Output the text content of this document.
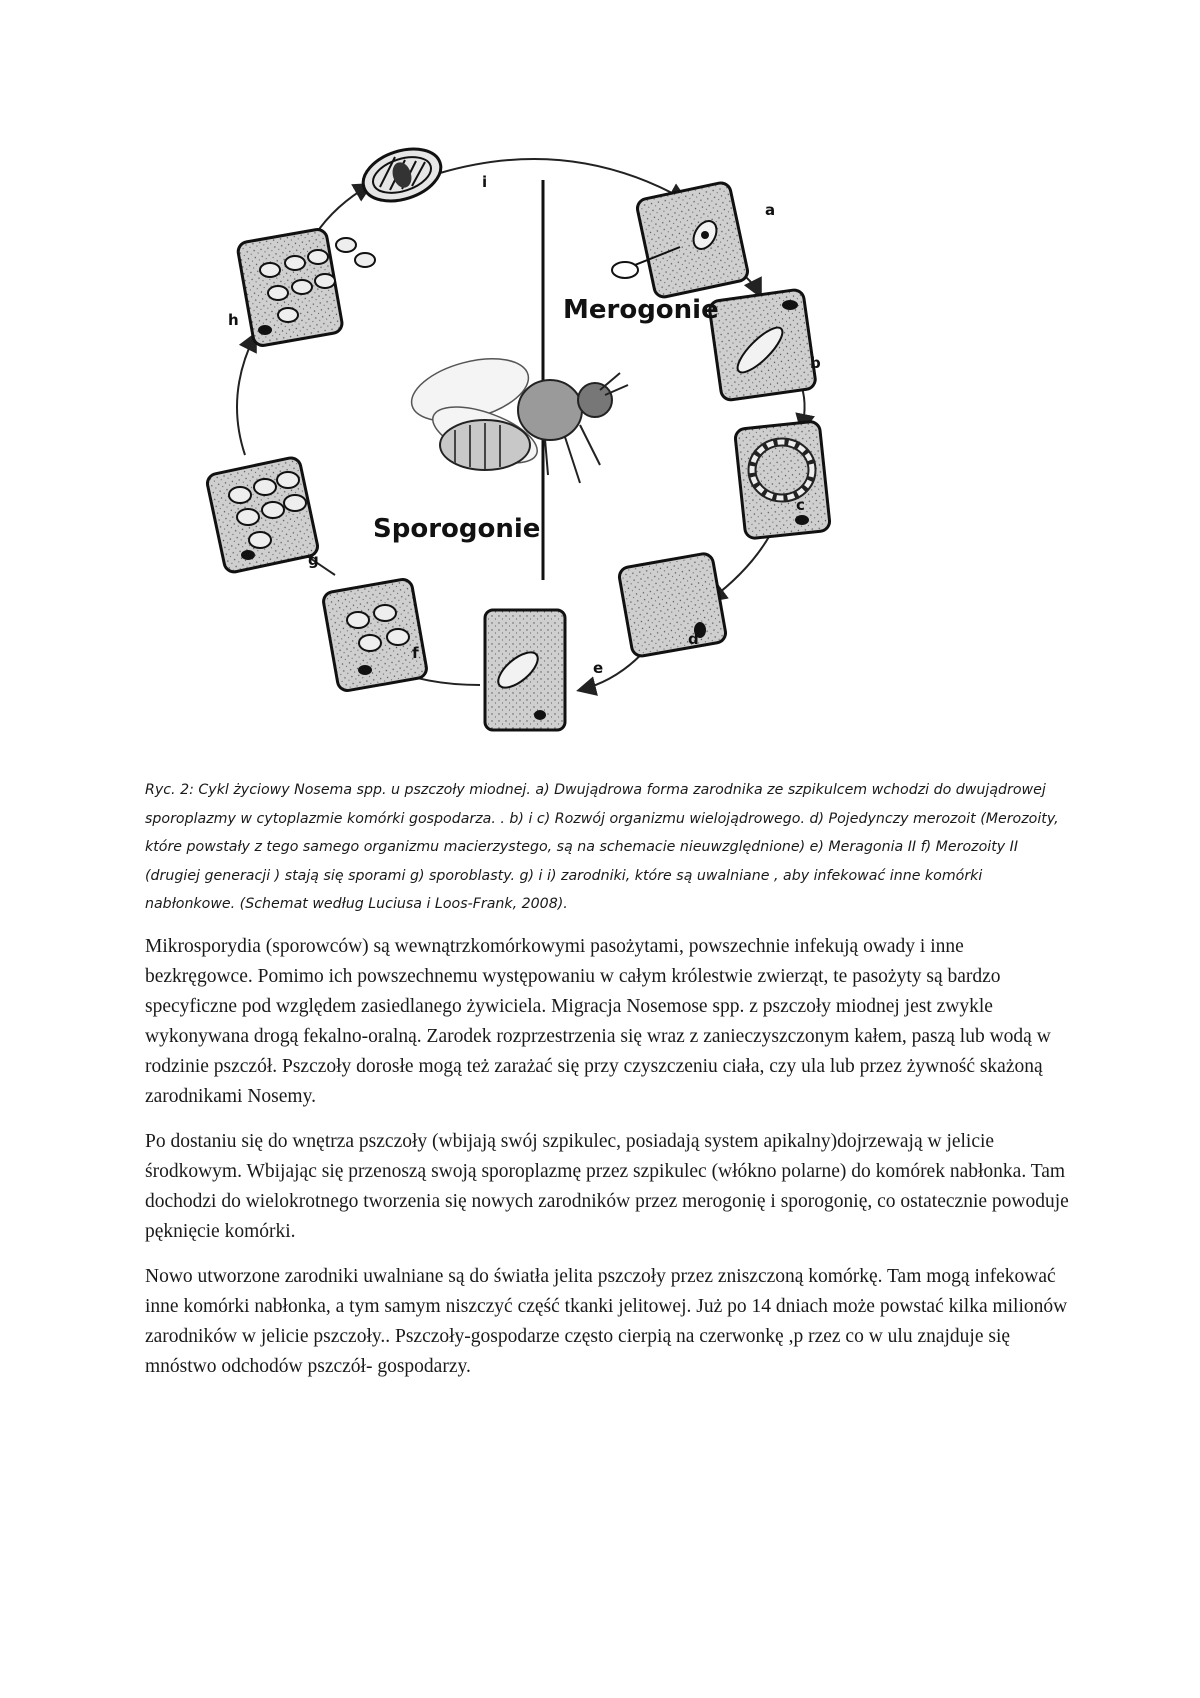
Merogonie
Sporogonie
a
b
c
d
e
f
g
h
i

Ryc. 2: Cykl życiowy Nosema spp. u pszczoły miodnej. a) Dwujądrowa forma zarodnika ze szpikulcem wchodzi do dwujądrowej sporoplazmy w cytoplazmie komórki gospodarza. . b) i c) Rozwój organizmu wielojądrowego. d) Pojedynczy merozoit (Merozoity, które powstały z tego samego organizmu macierzystego, są na schemacie nieuwzględnione) e) Meragonia II f) Merozoity II (drugiej generacji ) stają się sporami g) sporoblasty. g) i i) zarodniki, które są uwalniane , aby infekować inne komórki nabłonkowe. (Schemat według Luciusa i Loos-Frank, 2008).

Mikrosporydia (sporowców) są wewnątrzkomórkowymi pasożytami, powszechnie infekują owady i inne bezkręgowce. Pomimo ich powszechnemu występowaniu w całym królestwie zwierząt, te pasożyty są bardzo specyficzne pod względem zasiedlanego żywiciela. Migracja Nosemose spp. z pszczoły miodnej jest zwykle wykonywana drogą fekalno-oralną. Zarodek rozprzestrzenia się wraz z zanieczyszczonym kałem, paszą lub wodą w rodzinie pszczół. Pszczoły dorosłe mogą też zarażać się przy czyszczeniu ciała, czy ula lub przez żywność skażoną zarodnikami Nosemy.

Po dostaniu się do wnętrza pszczoły (wbijają swój szpikulec, posiadają system apikalny)dojrzewają w jelicie środkowym. Wbijając się przenoszą swoją sporoplazmę przez szpikulec (włókno polarne) do komórek nabłonka. Tam dochodzi do wielokrotnego tworzenia się nowych zarodników przez merogonię i sporogonię, co ostatecznie powoduje pęknięcie komórki.

Nowo utworzone zarodniki uwalniane są do światła jelita pszczoły przez zniszczoną komórkę. Tam mogą infekować inne komórki nabłonka, a tym samym niszczyć część tkanki jelitowej. Już po 14 dniach może powstać kilka milionów zarodników w jelicie pszczoły.. Pszczoły-gospodarze często cierpią na czerwonkę ,p rzez co w ulu znajduje się mnóstwo odchodów pszczół- gospodarzy.
